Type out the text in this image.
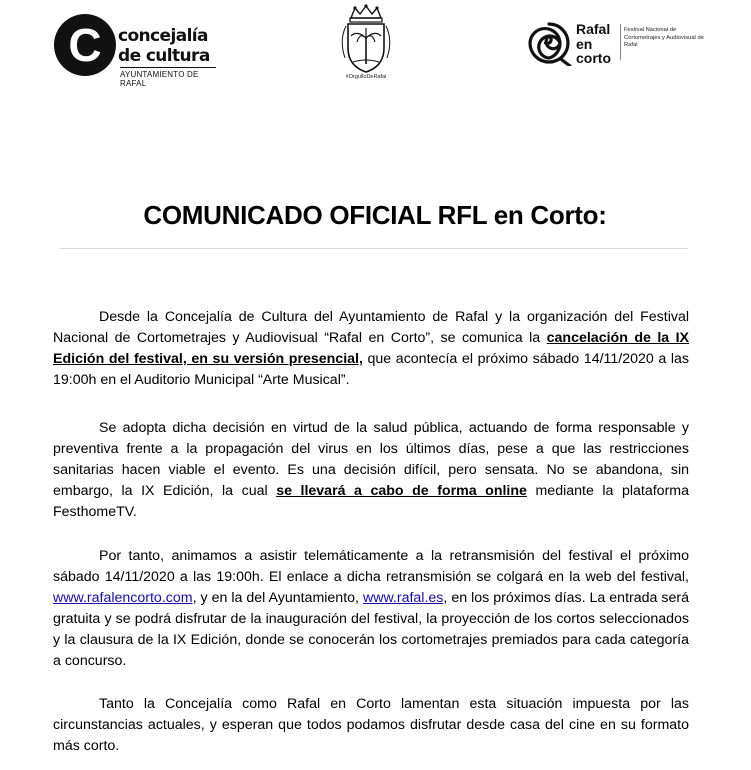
C concejalía
de cultura
AYUNTAMIENTO DE RAFAL
#OrgulloDeRafal
Rafal
en
corto
Festival Nacional de Cortometrajes y Audiovisual de Rafal
COMUNICADO OFICIAL RFL en Corto:
Desde la Concejalía de Cultura del Ayuntamiento de Rafal y la organización del Festival Nacional de Cortometrajes y Audiovisual “Rafal en Corto”, se comunica la cancelación de la IX Edición del festival, en su versión presencial, que acontecía el próximo sábado 14/11/2020 a las 19:00h en el Auditorio Municipal “Arte Musical”.
Se adopta dicha decisión en virtud de la salud pública, actuando de forma responsable y preventiva frente a la propagación del virus en los últimos días, pese a que las restricciones sanitarias hacen viable el evento. Es una decisión difícil, pero sensata. No se abandona, sin embargo, la IX Edición, la cual se llevará a cabo de forma online mediante la plataforma FesthomeTV.
Por tanto, animamos a asistir telemáticamente a la retransmisión del festival el próximo sábado 14/11/2020 a las 19:00h. El enlace a dicha retransmisión se colgará en la web del festival, www.rafalencorto.com, y en la del Ayuntamiento, www.rafal.es, en los próximos días. La entrada será gratuita y se podrá disfrutar de la inauguración del festival, la proyección de los cortos seleccionados y la clausura de la IX Edición, donde se conocerán los cortometrajes premiados para cada categoría a concurso.
Tanto la Concejalía como Rafal en Corto lamentan esta situación impuesta por las circunstancias actuales, y esperan que todos podamos disfrutar desde casa del cine en su formato más corto.
